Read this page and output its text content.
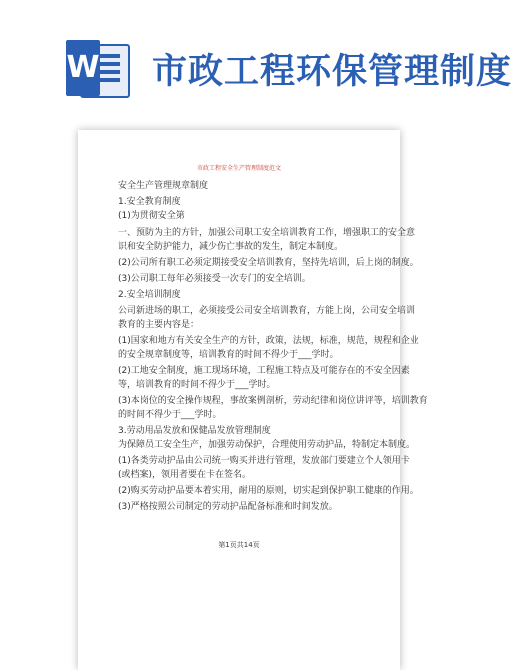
W 市政工程环保管理制度
市政工程安全生产管理制度范文
安全生产管理规章制度
1.安全教育制度
(1)为贯彻安全第
一、预防为主的方针，加强公司职工安全培训教育工作，增强职工的安全意
识和安全防护能力，减少伤亡事故的发生，制定本制度。
(2)公司所有职工必须定期接受安全培训教育，坚持先培训，后上岗的制度。
(3)公司职工每年必须接受一次专门的安全培训。
2.安全培训制度
公司新进场的职工，必须接受公司安全培训教育，方能上岗，公司安全培训
教育的主要内容是：
(1)国家和地方有关安全生产的方针，政策，法规，标准，规范，规程和企业
的安全规章制度等，培训教育的时间不得少于___学时。
(2)工地安全制度，施工现场环境，工程施工特点及可能存在的不安全因素
等，培训教育的时间不得少于___学时。
(3)本岗位的安全操作规程，事故案例剖析，劳动纪律和岗位讲评等，培训教育
的时间不得少于___学时。
3.劳动用品发放和保健品发放管理制度
为保障员工安全生产，加强劳动保护，合理使用劳动护品，特制定本制度。
(1)各类劳动护品由公司统一购买并进行管理，发放部门要建立个人领用卡
(或档案)，领用者要在卡在签名。
(2)购买劳动护品要本着实用，耐用的原则，切实起到保护职工健康的作用。
(3)严格按照公司制定的劳动护品配备标准和时间发放。
第1页共14页
